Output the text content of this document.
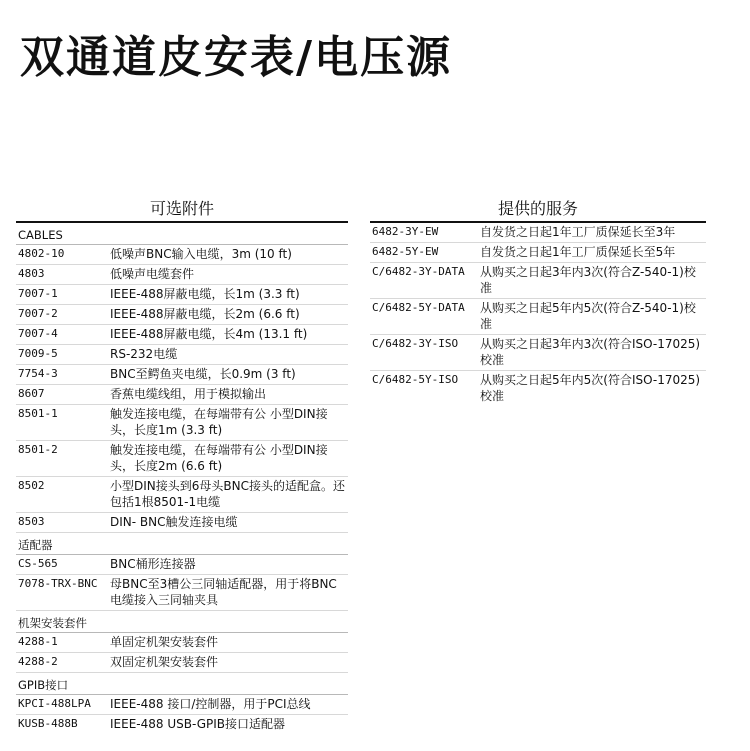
双通道皮安表/电压源
可选附件
CABLES
4802-10	低噪声BNC输入电缆，3m (10 ft)
4803	低噪声电缆套件
7007-1	IEEE-488屏蔽电缆，长1m (3.3 ft)
7007-2	IEEE-488屏蔽电缆，长2m (6.6 ft)
7007-4	IEEE-488屏蔽电缆，长4m (13.1 ft)
7009-5	RS-232电缆
7754-3	BNC至鳄鱼夹电缆，长0.9m (3 ft)
8607	香蕉电缆线组，用于模拟输出
8501-1	触发连接电缆，在每端带有公 小型DIN接头，长度1m (3.3 ft)
8501-2	触发连接电缆，在每端带有公 小型DIN接头，长度2m (6.6 ft)
8502	小型DIN接头到6母头BNC接头的适配盒。还包括1根8501-1电缆
8503	DIN- BNC触发连接电缆
适配器
CS-565	BNC桶形连接器
7078-TRX-BNC	母BNC至3槽公三同轴适配器，用于将BNC电缆接入三同轴夹具
机架安装套件
4288-1	单固定机架安装套件
4288-2	双固定机架安装套件
GPIB接口
KPCI-488LPA	IEEE-488 接口/控制器，用于PCI总线
KUSB-488B	IEEE-488 USB-GPIB接口适配器
提供的服务
6482-3Y-EW	自发货之日起1年工厂质保延长至3年
6482-5Y-EW	自发货之日起1年工厂质保延长至5年
C/6482-3Y-DATA	从购买之日起3年内3次(符合Z-540-1)校准
C/6482-5Y-DATA	从购买之日起5年内5次(符合Z-540-1)校准
C/6482-3Y-ISO	从购买之日起3年内3次(符合ISO-17025)校准
C/6482-5Y-ISO	从购买之日起5年内5次(符合ISO-17025)校准
